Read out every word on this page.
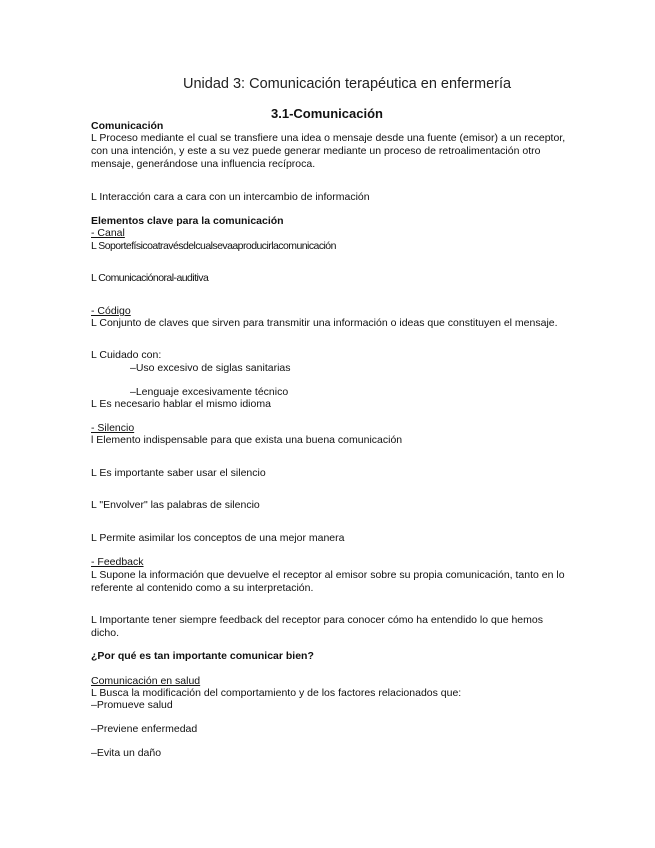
Unidad 3: Comunicación terapéutica en enfermería

3.1-Comunicación

Comunicación

L Proceso mediante el cual se transfiere una idea o mensaje desde una fuente (emisor) a un receptor, con una intención, y este a su vez puede generar mediante un proceso de retroalimentación otro mensaje, generándose una influencia recíproca.

L Interacción cara a cara con un intercambio de información

Elementos clave para la comunicación

- Canal

L Soportefísicoatravésdelcualsevaaproducirlacomunicación

L Comunicaciónoral-auditiva

- Código

L Conjunto de claves que sirven para transmitir una información o ideas que constituyen el mensaje.

L Cuidado con:

–Uso excesivo de siglas sanitarias

–Lenguaje excesivamente técnico

L Es necesario hablar el mismo idioma

- Silencio

l Elemento indispensable para que exista una buena comunicación

L Es importante saber usar el silencio

L "Envolver" las palabras de silencio

L Permite asimilar los conceptos de una mejor manera

- Feedback

L Supone la información que devuelve el receptor al emisor sobre su propia comunicación, tanto en lo referente al contenido como a su interpretación.

L Importante tener siempre feedback del receptor para conocer cómo ha entendido lo que hemos dicho.

¿Por qué es tan importante comunicar bien?

Comunicación en salud

L Busca la modificación del comportamiento y de los factores relacionados que:

–Promueve salud

–Previene enfermedad

–Evita un daño
